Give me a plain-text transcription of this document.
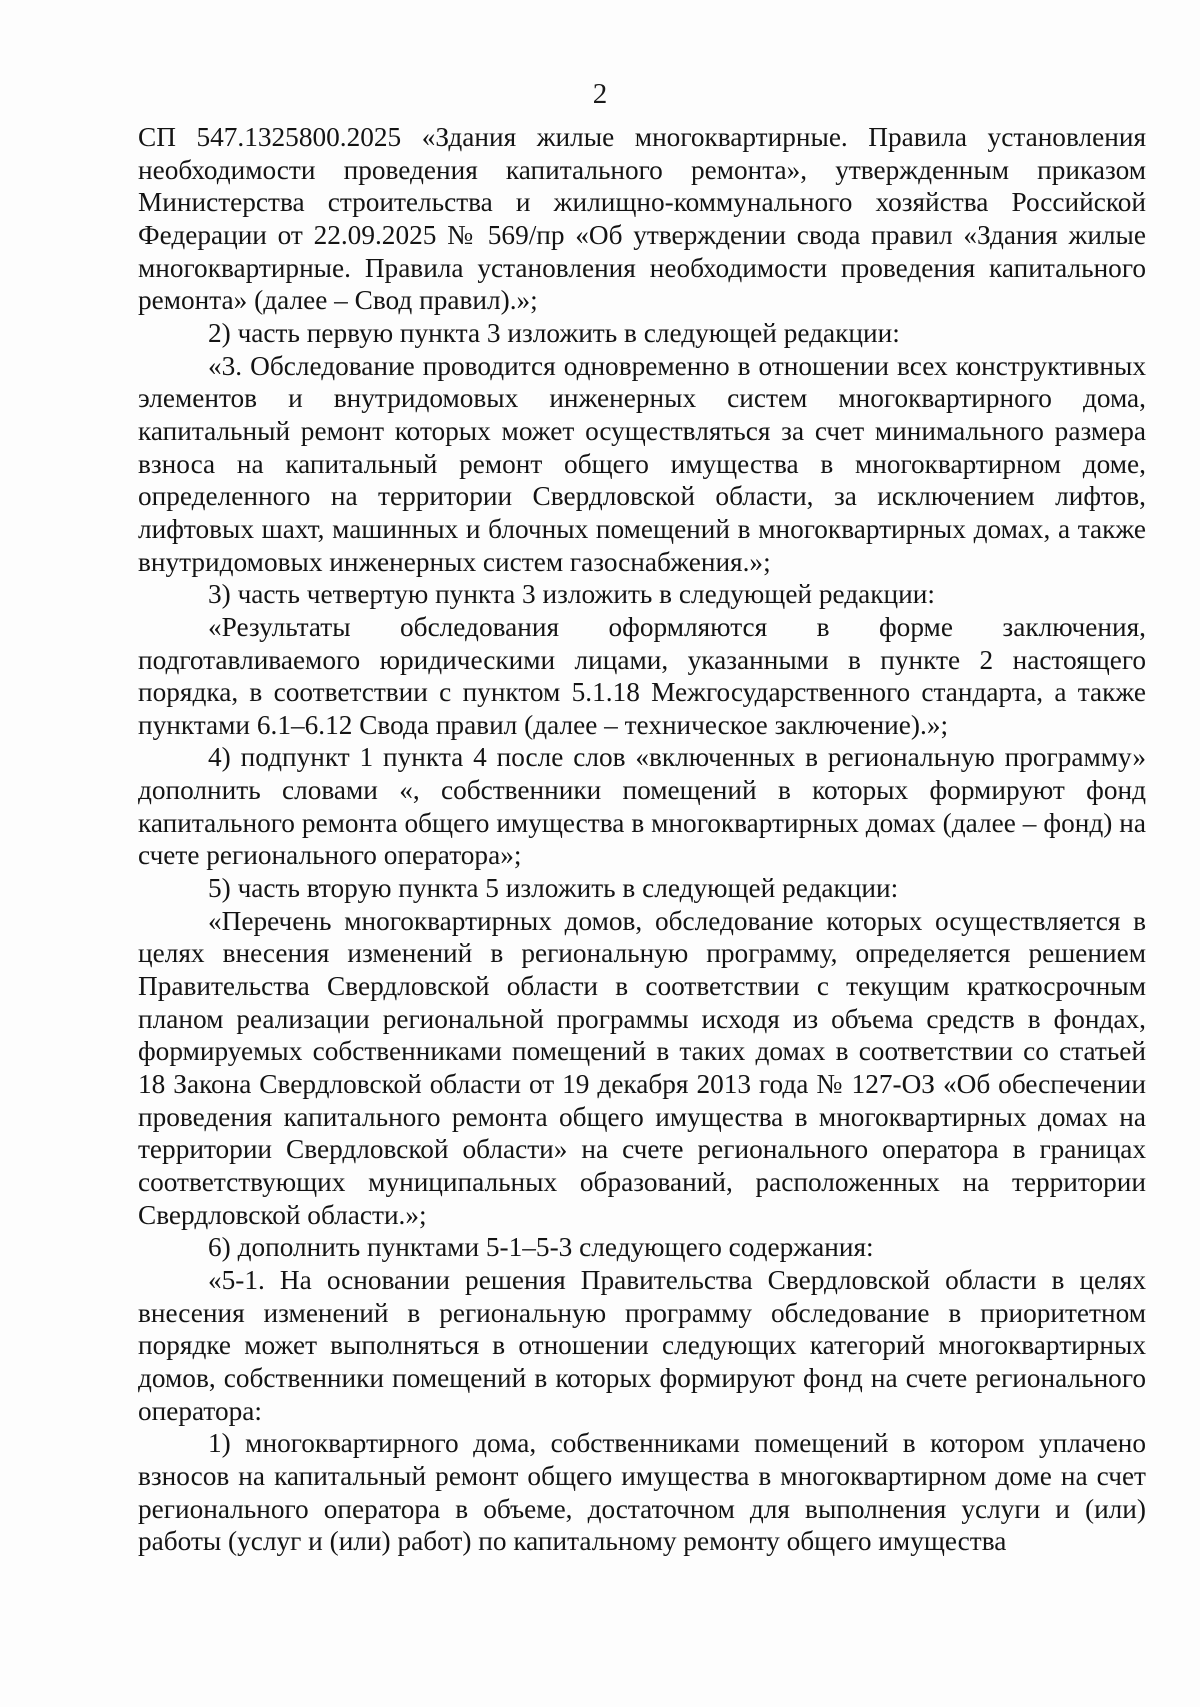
2

СП 547.1325800.2025 «Здания жилые многоквартирные. Правила установления необходимости проведения капитального ремонта», утвержденным приказом Министерства строительства и жилищно-коммунального хозяйства Российской Федерации от 22.09.2025 № 569/пр «Об утверждении свода правил «Здания жилые многоквартирные. Правила установления необходимости проведения капитального ремонта» (далее – Свод правил).»;

2) часть первую пункта 3 изложить в следующей редакции:

«3. Обследование проводится одновременно в отношении всех конструктивных элементов и внутридомовых инженерных систем многоквартирного дома, капитальный ремонт которых может осуществляться за счет минимального размера взноса на капитальный ремонт общего имущества в многоквартирном доме, определенного на территории Свердловской области, за исключением лифтов, лифтовых шахт, машинных и блочных помещений в многоквартирных домах, а также внутридомовых инженерных систем газоснабжения.»;

3) часть четвертую пункта 3 изложить в следующей редакции:

«Результаты обследования оформляются в форме заключения, подготавливаемого юридическими лицами, указанными в пункте 2 настоящего порядка, в соответствии с пунктом 5.1.18 Межгосударственного стандарта, а также пунктами 6.1–6.12 Свода правил (далее – техническое заключение).»;

4) подпункт 1 пункта 4 после слов «включенных в региональную программу» дополнить словами «, собственники помещений в которых формируют фонд капитального ремонта общего имущества в многоквартирных домах (далее – фонд) на счете регионального оператора»;

5) часть вторую пункта 5 изложить в следующей редакции:

«Перечень многоквартирных домов, обследование которых осуществляется в целях внесения изменений в региональную программу, определяется решением Правительства Свердловской области в соответствии с текущим краткосрочным планом реализации региональной программы исходя из объема средств в фондах, формируемых собственниками помещений в таких домах в соответствии со статьей 18 Закона Свердловской области от 19 декабря 2013 года № 127-ОЗ «Об обеспечении проведения капитального ремонта общего имущества в многоквартирных домах на территории Свердловской области» на счете регионального оператора в границах соответствующих муниципальных образований, расположенных на территории Свердловской области.»;

6) дополнить пунктами 5-1–5-3 следующего содержания:

«5-1. На основании решения Правительства Свердловской области в целях внесения изменений в региональную программу обследование в приоритетном порядке может выполняться в отношении следующих категорий многоквартирных домов, собственники помещений в которых формируют фонд на счете регионального оператора:

1) многоквартирного дома, собственниками помещений в котором уплачено взносов на капитальный ремонт общего имущества в многоквартирном доме на счет регионального оператора в объеме, достаточном для выполнения услуги и (или) работы (услуг и (или) работ) по капитальному ремонту общего имущества
